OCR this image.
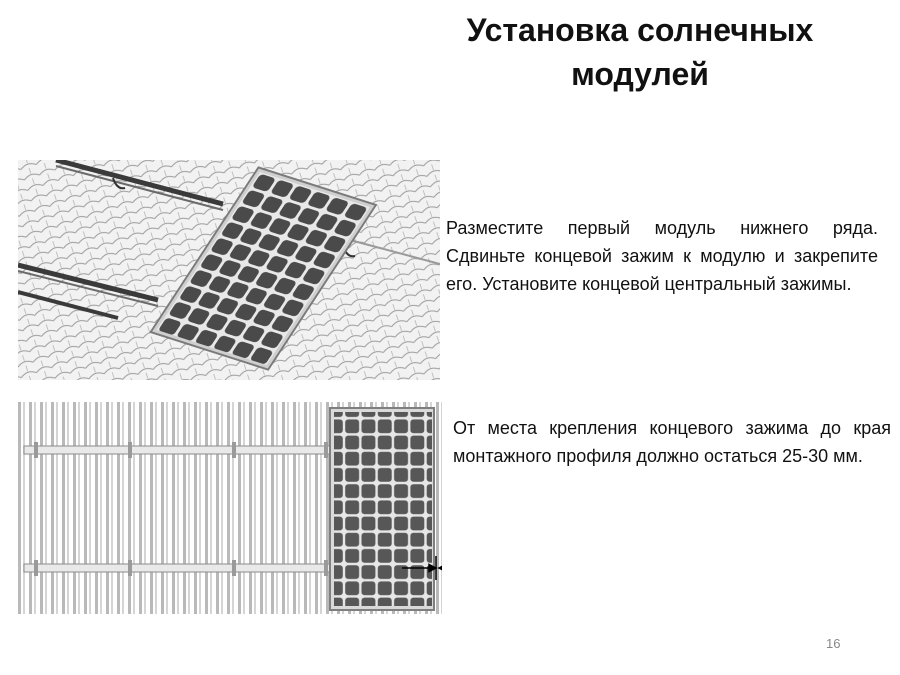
Установка солнечных
модулей
Разместите первый модуль нижнего ряда. Сдвиньте концевой зажим к модулю и закрепите его. Установите концевой центральный зажимы.
От места крепления концевого зажима до края монтажного профиля должно остаться 25-30 мм.
16
